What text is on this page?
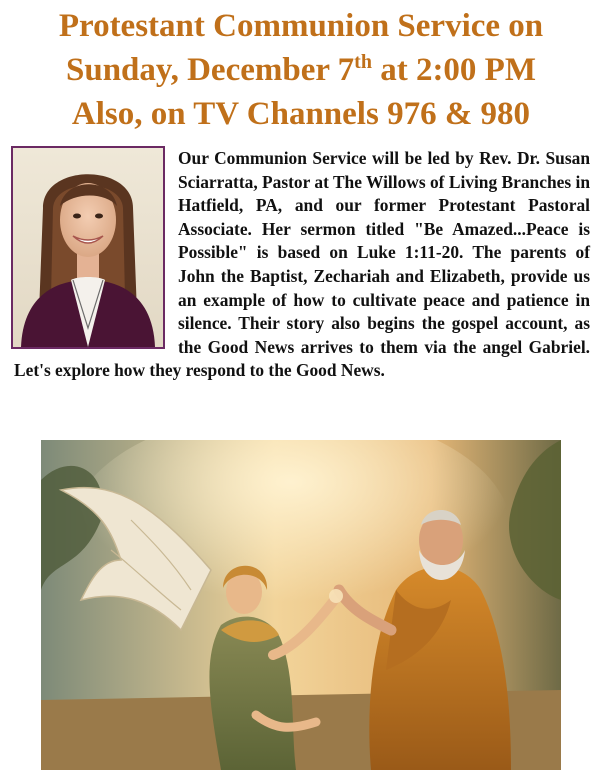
Protestant Communion Service on
Sunday, December 7th at 2:00 PM
Also, on TV Channels 976 & 980

Our Communion Service will be led by Rev. Dr. Susan Sciarratta, Pastor at The Willows of Living Branches in Hatfield, PA, and our former Protestant Pastoral Associate. Her sermon titled "Be Amazed...Peace is Possible" is based on Luke 1:11-20. The parents of John the Baptist, Zechariah and Elizabeth, provide us an example of how to cultivate peace and patience in silence. Their story also begins the gospel account, as the Good News arrives to them via the angel Gabriel. Let's explore how they respond to the Good News.
